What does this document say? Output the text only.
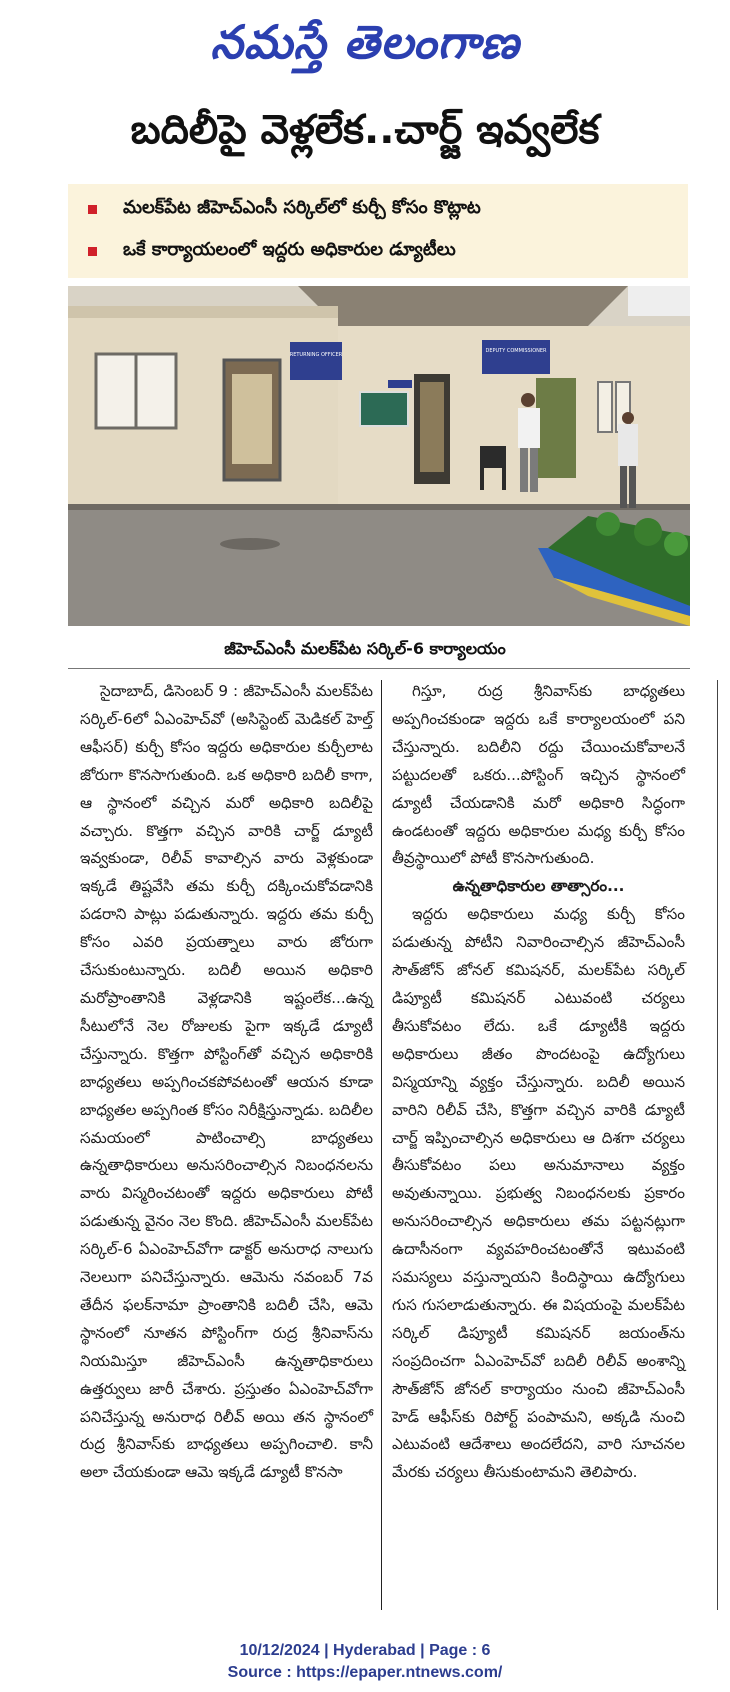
నమస్తే తెలంగాణ
బదిలీపై వెళ్లలేక..చార్జ్ ఇవ్వలేక
మలక్‌పేట జీహెచ్‌ఎంసీ సర్కిల్‌లో కుర్చీ కోసం కొట్లాట
ఒకే కార్యాయలంలో ఇద్దరు అధికారుల డ్యూటీలు
RETURNING OFFICER
DEPUTY COMMISSIONER
జీహెచ్‌ఎంసీ మలక్‌పేట సర్కిల్-6 కార్యాలయం

సైదాబాద్, డిసెంబర్ 9 : జీహెచ్‌ఎంసీ మలక్‌పేట సర్కిల్-6లో ఏఎంహెచ్‌వో (అసిస్టెంట్ మెడికల్ హెల్త్ ఆఫీసర్) కుర్చీ కోసం ఇద్దరు అధికారుల కుర్చీలాట జోరుగా కొనసాగుతుంది. ఒక అధికారి బదిలీ కాగా, ఆ స్థానంలో వచ్చిన మరో అధికారి బదిలీపై వచ్చారు. కొత్తగా వచ్చిన వారికి చార్జ్ డ్యూటీ ఇవ్వకుండా, రిలీవ్ కావాల్సిన వారు వెళ్లకుండా ఇక్కడే తిష్టవేసి తమ కుర్చీ దక్కించుకోవడానికి పడరాని పాట్లు పడుతున్నారు. ఇద్దరు తమ కుర్చీ కోసం ఎవరి ప్రయత్నాలు వారు జోరుగా చేసుకుంటున్నారు. బదిలీ అయిన అధికారి మరోప్రాంతానికి వెళ్లడానికి ఇష్టంలేక...ఉన్న సీటులోనే నెల రోజులకు పైగా ఇక్కడే డ్యూటీ చేస్తున్నారు. కొత్తగా పోస్టింగ్‌తో వచ్చిన అధికారికి బాధ్యతలు అప్పగించకపోవటంతో ఆయన కూడా బాధ్యతల అప్పగింత కోసం నిరీక్షిస్తున్నాడు. బదిలీల సమయంలో పాటించాల్సి బాధ్యతలు ఉన్నతాధికారులు అనుసరించాల్సిన నిబంధనలను వారు విస్మరించటంతో ఇద్దరు అధికారులు పోటీ పడుతున్న వైనం నెల కొంది. జీహెచ్‌ఎంసీ మలక్‌పేట సర్కిల్-6 ఏఎంహెచ్‌వోగా డాక్టర్ అనురాధ నాలుగు నెలలుగా పనిచేస్తున్నారు. ఆమెను నవంబర్ 7వ తేదీన ఫలక్‌నామా ప్రాంతానికి బదిలీ చేసి, ఆమె స్థానంలో నూతన పోస్టింగ్‌గా రుద్ర శ్రీనివాస్‌ను నియమిస్తూ జీహెచ్‌ఎంసీ ఉన్నతాధికారులు ఉత్తర్వులు జారీ చేశారు. ప్రస్తుతం ఏఎంహెచ్‌వోగా పనిచేస్తున్న అనురాధ రిలీవ్ అయి తన స్థానంలో రుద్ర శ్రీనివాస్‌కు బాధ్యతలు అప్పగించాలి. కానీ అలా చేయకుండా ఆమె ఇక్కడే డ్యూటీ కొనసా

గిస్తూ, రుద్ర శ్రీనివాస్‌కు బాధ్యతలు అప్పగించకుండా ఇద్దరు ఒకే కార్యాలయంలో పని చేస్తున్నారు. బదిలీని రద్దు చేయించుకోవాలనే పట్టుదలతో ఒకరు...పోస్టింగ్ ఇచ్చిన స్థానంలో డ్యూటీ చేయడానికి మరో అధికారి సిద్ధంగా ఉండటంతో ఇద్దరు అధికారుల మధ్య కుర్చీ కోసం తీవ్రస్థాయిలో పోటీ కొనసాగుతుంది.

ఉన్నతాధికారుల తాత్సారం...

ఇద్దరు అధికారులు మధ్య కుర్చీ కోసం పడుతున్న పోటీని నివారించాల్సిన జీహెచ్‌ఎంసీ సౌత్‌జోన్ జోనల్ కమిషనర్, మలక్‌పేట సర్కిల్ డిప్యూటీ కమిషనర్ ఎటువంటి చర్యలు తీసుకోవటం లేదు. ఒకే డ్యూటీకి ఇద్దరు అధికారులు జీతం పొందటంపై ఉద్యోగులు విస్మయాన్ని వ్యక్తం చేస్తున్నారు. బదిలీ అయిన వారిని రిలీవ్ చేసి, కొత్తగా వచ్చిన వారికి డ్యూటీ చార్జ్ ఇప్పించాల్సిన అధికారులు ఆ దిశగా చర్యలు తీసుకోవటం పలు అనుమానాలు వ్యక్తం అవుతున్నాయి. ప్రభుత్వ నిబంధనలకు ప్రకారం అనుసరించాల్సిన అధికారులు తమ పట్టనట్లుగా ఉదాసీనంగా వ్యవహరించటంతోనే ఇటువంటి సమస్యలు వస్తున్నాయని కిందిస్థాయి ఉద్యోగులు గుస గుసలాడుతున్నారు. ఈ విషయంపై మలక్‌పేట సర్కిల్ డిప్యూటీ కమిషనర్ జయంత్‌ను సంప్రదించగా ఏఎంహెచ్‌వో బదిలీ రిలీవ్ అంశాన్ని సౌత్‌జోన్ జోనల్ కార్యాయం నుంచి జీహెచ్‌ఎంసీ హెడ్ ఆఫీస్‌కు రిపోర్ట్ పంపామని, అక్కడి నుంచి ఎటువంటి ఆదేశాలు అందలేదని, వారి సూచనల మేరకు చర్యలు తీసుకుంటామని తెలిపారు.

10/12/2024 | Hyderabad | Page : 6
Source : https://epaper.ntnews.com/
